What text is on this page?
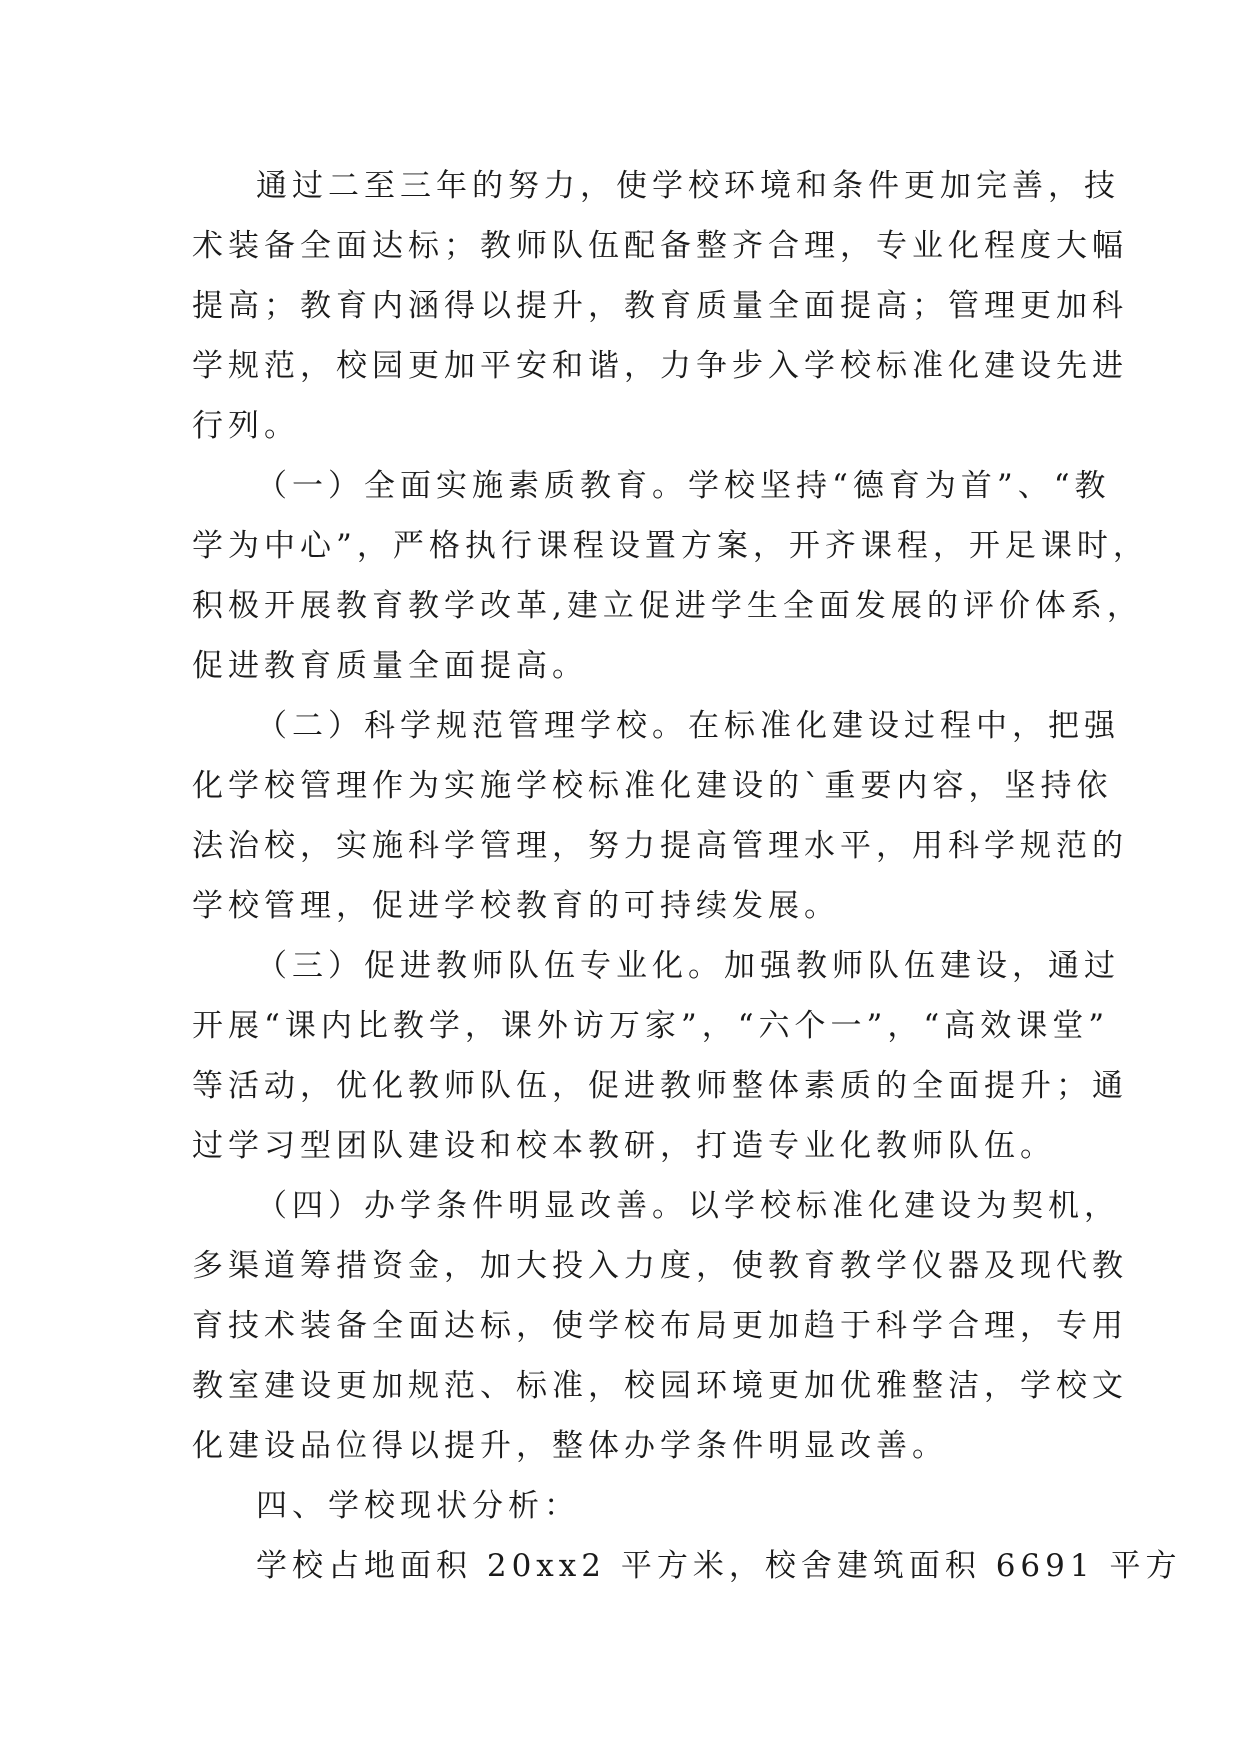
通过二至三年的努力，使学校环境和条件更加完善，技
术装备全面达标；教师队伍配备整齐合理，专业化程度大幅
提高；教育内涵得以提升，教育质量全面提高；管理更加科
学规范，校园更加平安和谐，力争步入学校标准化建设先进
行列。
（一）全面实施素质教育。学校坚持“德育为首”、“教
学为中心”，严格执行课程设置方案，开齐课程，开足课时，
积极开展教育教学改革,建立促进学生全面发展的评价体系，
促进教育质量全面提高。
（二）科学规范管理学校。在标准化建设过程中，把强
化学校管理作为实施学校标准化建设的`重要内容，坚持依
法治校，实施科学管理，努力提高管理水平，用科学规范的
学校管理，促进学校教育的可持续发展。
（三）促进教师队伍专业化。加强教师队伍建设，通过
开展“课内比教学，课外访万家”，“六个一”，“高效课堂”
等活动，优化教师队伍，促进教师整体素质的全面提升；通
过学习型团队建设和校本教研，打造专业化教师队伍。
（四）办学条件明显改善。以学校标准化建设为契机，
多渠道筹措资金，加大投入力度，使教育教学仪器及现代教
育技术装备全面达标，使学校布局更加趋于科学合理，专用
教室建设更加规范、标准，校园环境更加优雅整洁，学校文
化建设品位得以提升，整体办学条件明显改善。
四、学校现状分析：
学校占地面积 20xx2 平方米，校舍建筑面积 6691 平方
